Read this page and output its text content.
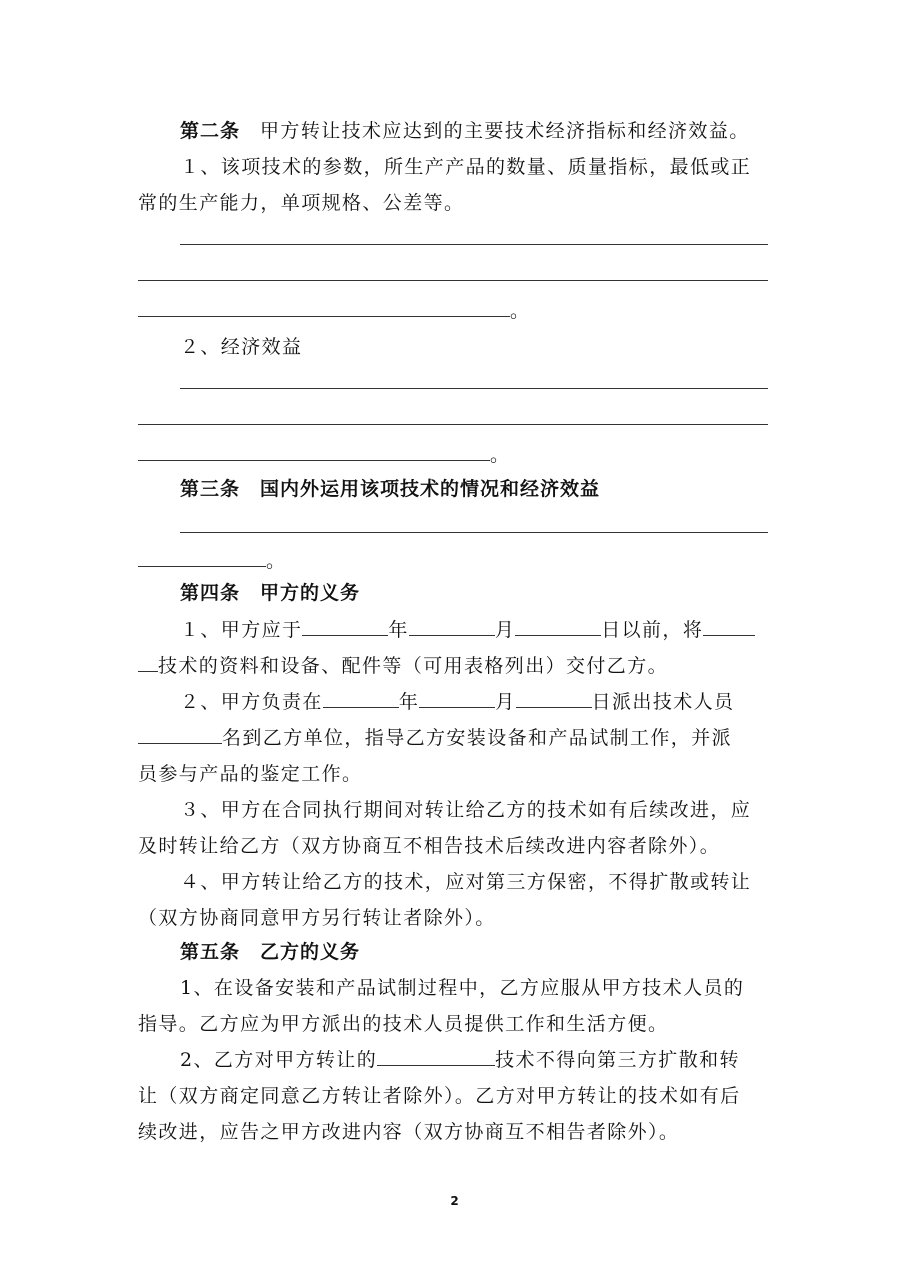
第二条 甲方转让技术应达到的主要技术经济指标和经济效益。
１、该项技术的参数，所生产产品的数量、质量指标，最低或正
常的生产能力，单项规格、公差等。
。
２、经济效益
。
第三条 国内外运用该项技术的情况和经济效益
。
第四条 甲方的义务
１、甲方应于	年	月	日以前，将
技术的资料和设备、配件等（可用表格列出）交付乙方。
２、甲方负责在	年	月	日派出技术人员
名到乙方单位，指导乙方安装设备和产品试制工作，并派
员参与产品的鉴定工作。
３、甲方在合同执行期间对转让给乙方的技术如有后续改进，应
及时转让给乙方（双方协商互不相告技术后续改进内容者除外）。
４、甲方转让给乙方的技术，应对第三方保密，不得扩散或转让
（双方协商同意甲方另行转让者除外）。
第五条 乙方的义务
1、在设备安装和产品试制过程中，乙方应服从甲方技术人员的
指导。乙方应为甲方派出的技术人员提供工作和生活方便。
2、乙方对甲方转让的	技术不得向第三方扩散和转
让（双方商定同意乙方转让者除外）。乙方对甲方转让的技术如有后
续改进，应告之甲方改进内容（双方协商互不相告者除外）。
2
